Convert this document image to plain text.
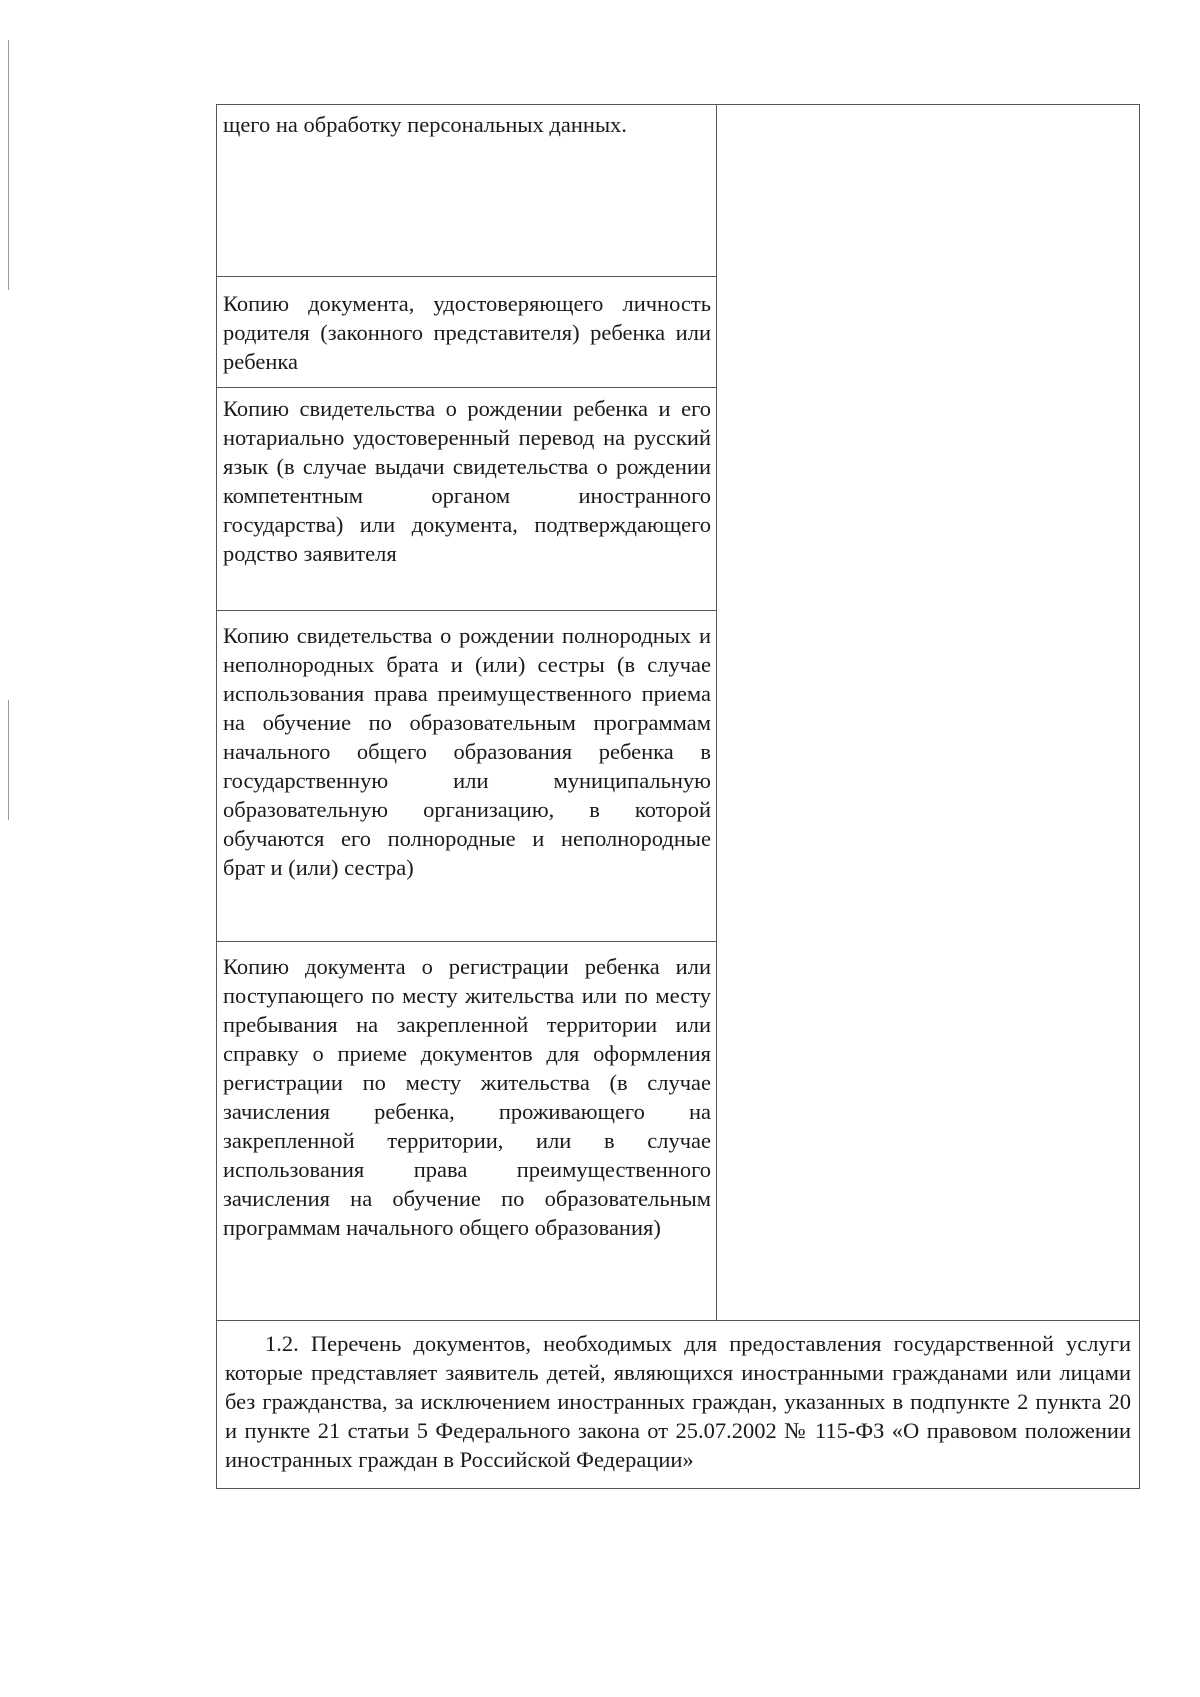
щего на обработку персональных данных.

Копию документа, удостоверяющего личность родителя (законного представителя) ребенка или ребенка

Копию свидетельства о рождении ребенка и его нотариально удостоверенный перевод на русский язык (в случае выдачи свидетельства о рождении компетентным органом иностранного государства) или документа, подтверждающего родство заявителя

Копию свидетельства о рождении полнородных и неполнородных брата и (или) сестры (в случае использования права преимущественного приема на обучение по образовательным программам начального общего образования ребенка в государственную или муниципальную образовательную организацию, в которой обучаются его полнородные и неполнородные брат и (или) сестра)

Копию документа о регистрации ребенка или поступающего по месту жительства или по месту пребывания на закрепленной территории или справку о приеме документов для оформления регистрации по месту жительства (в случае зачисления ребенка, проживающего на закрепленной территории, или в случае использования права преимущественного зачисления на обучение по образовательным программам начального общего образования)

1.2. Перечень документов, необходимых для предоставления государственной услуги которые представляет заявитель детей, являющихся иностранными гражданами или лицами без гражданства, за исключением иностранных граждан, указанных в подпункте 2 пункта 20 и пункте 21 статьи 5 Федерального закона от 25.07.2002 № 115-ФЗ «О правовом положении иностранных граждан в Российской Федерации»
